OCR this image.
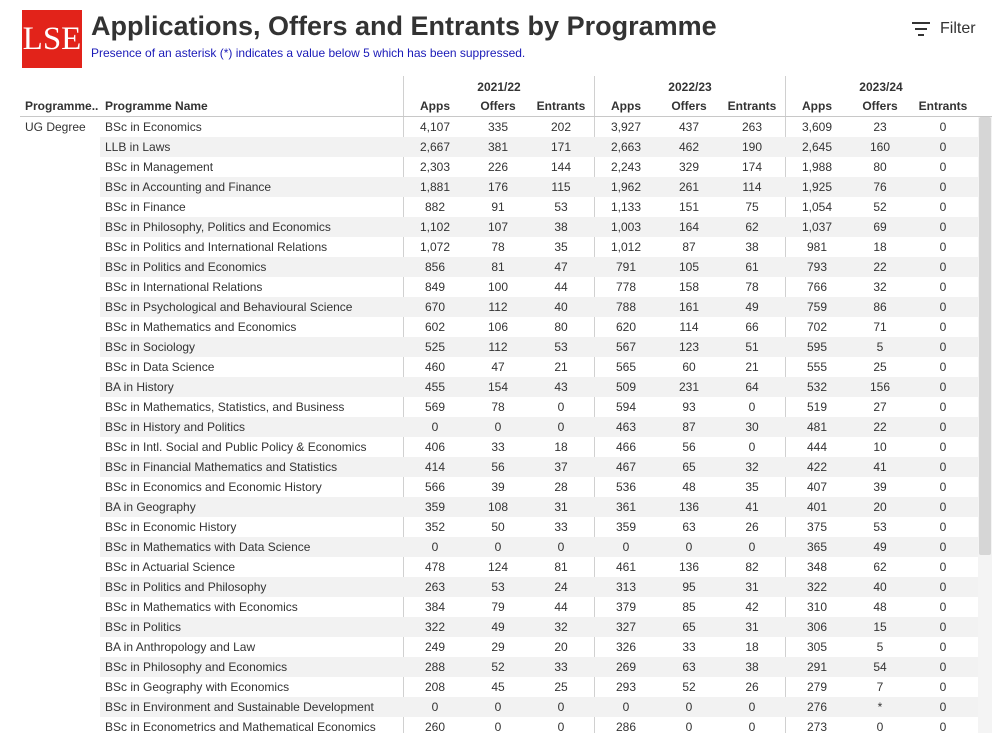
LSE Applications, Offers and Entrants by Programme
Presence of an asterisk (*) indicates a value below 5 which has been suppressed.
Filter
2021/22	2022/23	2023/24
Programme.. Programme Name	Apps	Offers	Entrants	Apps	Offers	Entrants	Apps	Offers	Entrants
UG Degree BSc in Economics	4,107	335	202	3,927	437	263	3,609	23	0
LLB in Laws	2,667	381	171	2,663	462	190	2,645	160	0
BSc in Management	2,303	226	144	2,243	329	174	1,988	80	0
BSc in Accounting and Finance	1,881	176	115	1,962	261	114	1,925	76	0
BSc in Finance	882	91	53	1,133	151	75	1,054	52	0
BSc in Philosophy, Politics and Economics	1,102	107	38	1,003	164	62	1,037	69	0
BSc in Politics and International Relations	1,072	78	35	1,012	87	38	981	18	0
BSc in Politics and Economics	856	81	47	791	105	61	793	22	0
BSc in International Relations	849	100	44	778	158	78	766	32	0
BSc in Psychological and Behavioural Science	670	112	40	788	161	49	759	86	0
BSc in Mathematics and Economics	602	106	80	620	114	66	702	71	0
BSc in Sociology	525	112	53	567	123	51	595	5	0
BSc in Data Science	460	47	21	565	60	21	555	25	0
BA in History	455	154	43	509	231	64	532	156	0
BSc in Mathematics, Statistics, and Business	569	78	0	594	93	0	519	27	0
BSc in History and Politics	0	0	0	463	87	30	481	22	0
BSc in Intl. Social and Public Policy & Economics	406	33	18	466	56	0	444	10	0
BSc in Financial Mathematics and Statistics	414	56	37	467	65	32	422	41	0
BSc in Economics and Economic History	566	39	28	536	48	35	407	39	0
BA in Geography	359	108	31	361	136	41	401	20	0
BSc in Economic History	352	50	33	359	63	26	375	53	0
BSc in Mathematics with Data Science	0	0	0	0	0	0	365	49	0
BSc in Actuarial Science	478	124	81	461	136	82	348	62	0
BSc in Politics and Philosophy	263	53	24	313	95	31	322	40	0
BSc in Mathematics with Economics	384	79	44	379	85	42	310	48	0
BSc in Politics	322	49	32	327	65	31	306	15	0
BA in Anthropology and Law	249	29	20	326	33	18	305	5	0
BSc in Philosophy and Economics	288	52	33	269	63	38	291	54	0
BSc in Geography with Economics	208	45	25	293	52	26	279	7	0
BSc in Environment and Sustainable Development	0	0	0	0	0	0	276	*	0
BSc in Econometrics and Mathematical Economics	260	0	0	286	0	0	273	0	0
